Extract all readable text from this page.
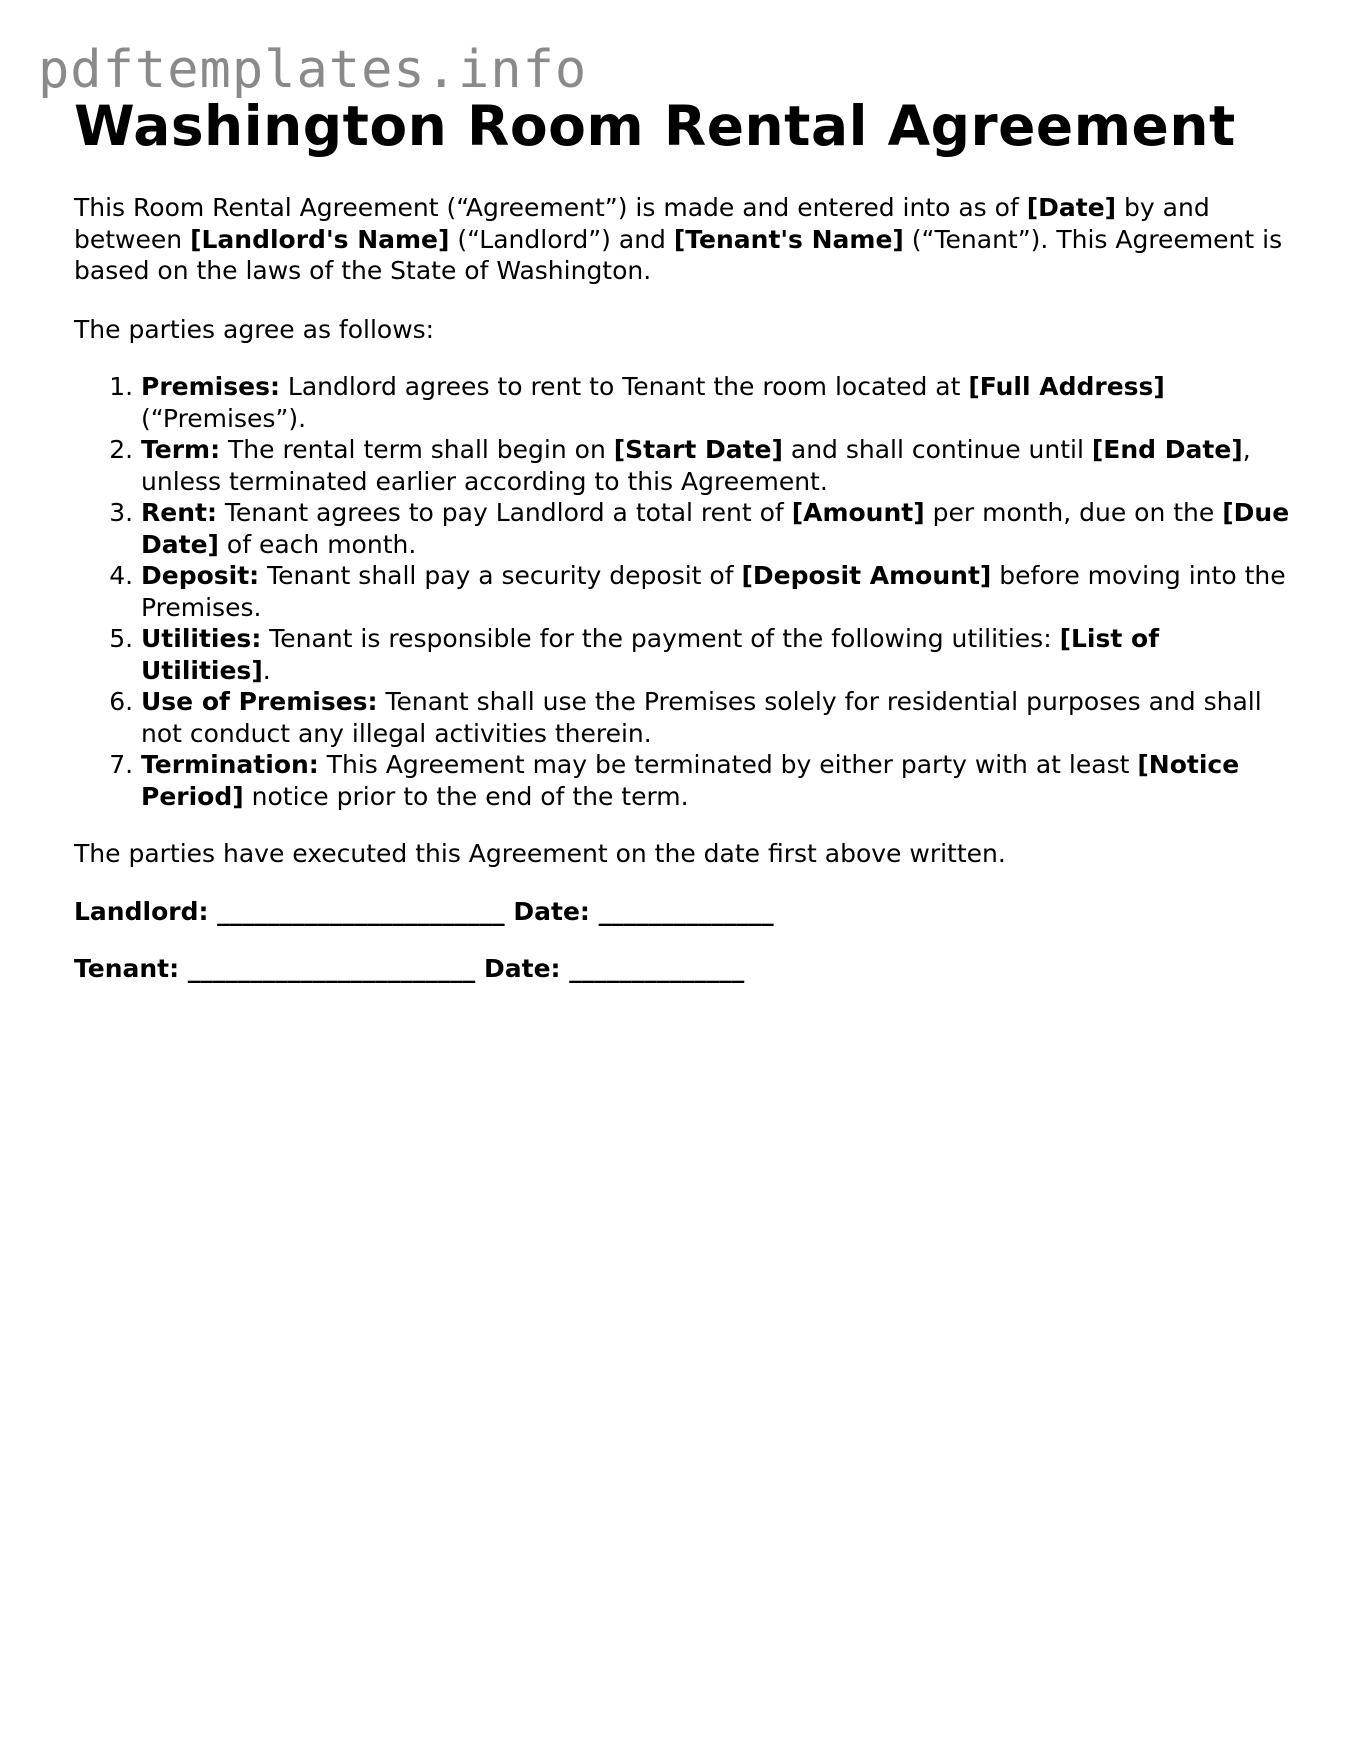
pdftemplates.info
Washington Room Rental Agreement

This Room Rental Agreement (“Agreement”) is made and entered into as of [Date] by and between [Landlord's Name] (“Landlord”) and [Tenant's Name] (“Tenant”). This Agreement is based on the laws of the State of Washington.

The parties agree as follows:

1. Premises: Landlord agrees to rent to Tenant the room located at [Full Address] (“Premises”).
2. Term: The rental term shall begin on [Start Date] and shall continue until [End Date], unless terminated earlier according to this Agreement.
3. Rent: Tenant agrees to pay Landlord a total rent of [Amount] per month, due on the [Due Date] of each month.
4. Deposit: Tenant shall pay a security deposit of [Deposit Amount] before moving into the Premises.
5. Utilities: Tenant is responsible for the payment of the following utilities: [List of Utilities].
6. Use of Premises: Tenant shall use the Premises solely for residential purposes and shall not conduct any illegal activities therein.
7. Termination: This Agreement may be terminated by either party with at least [Notice Period] notice prior to the end of the term.

The parties have executed this Agreement on the date first above written.

Landlord: _______________________ Date: ______________

Tenant: _______________________ Date: ______________
